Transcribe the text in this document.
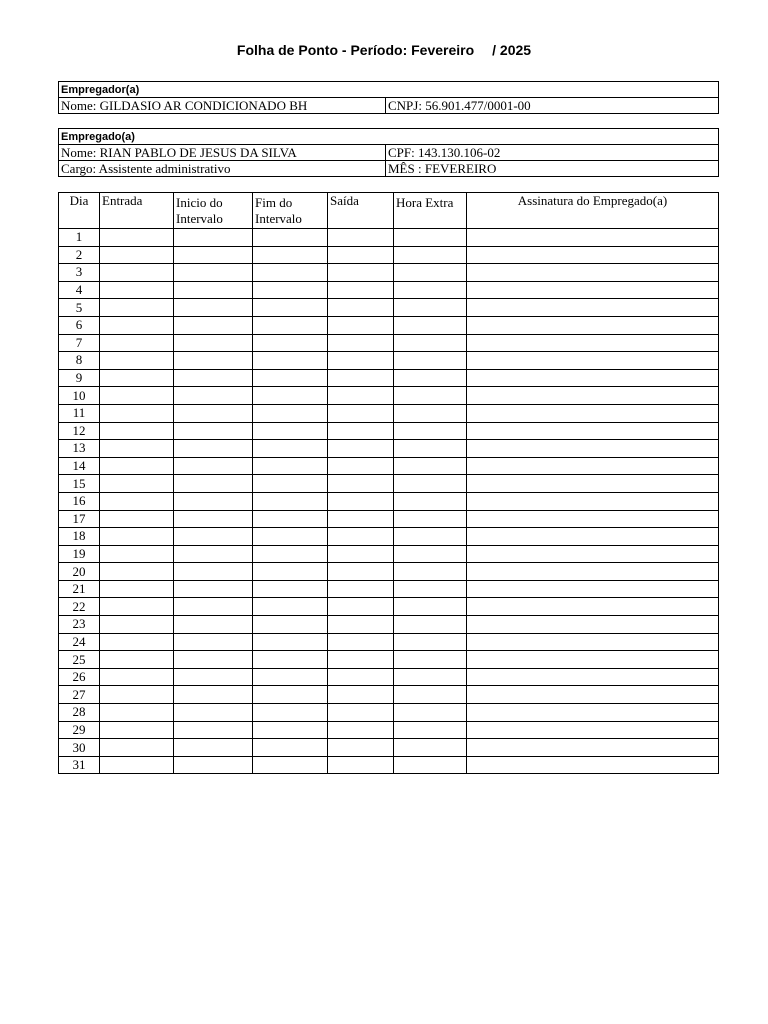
Folha de Ponto - Período: Fevereiro / 2025
Empregador(a)
Nome: GILDASIO AR CONDICIONADO BH	CNPJ: 56.901.477/0001-00
Empregado(a)	
Nome: RIAN PABLO DE JESUS DA SILVA	CPF: 143.130.106-02
Cargo: Assistente administrativo	MÊS : FEVEREIRO
Dia	Entrada	Inicio do Intervalo	Fim do Intervalo	Saída	Hora Extra	Assinatura do Empregado(a)
1						
2						
3						
4						
5						
6						
7						
8						
9						
10						
11						
12						
13						
14						
15						
16						
17						
18						
19						
20						
21						
22						
23						
24						
25						
26						
27						
28						
29						
30						
31						
